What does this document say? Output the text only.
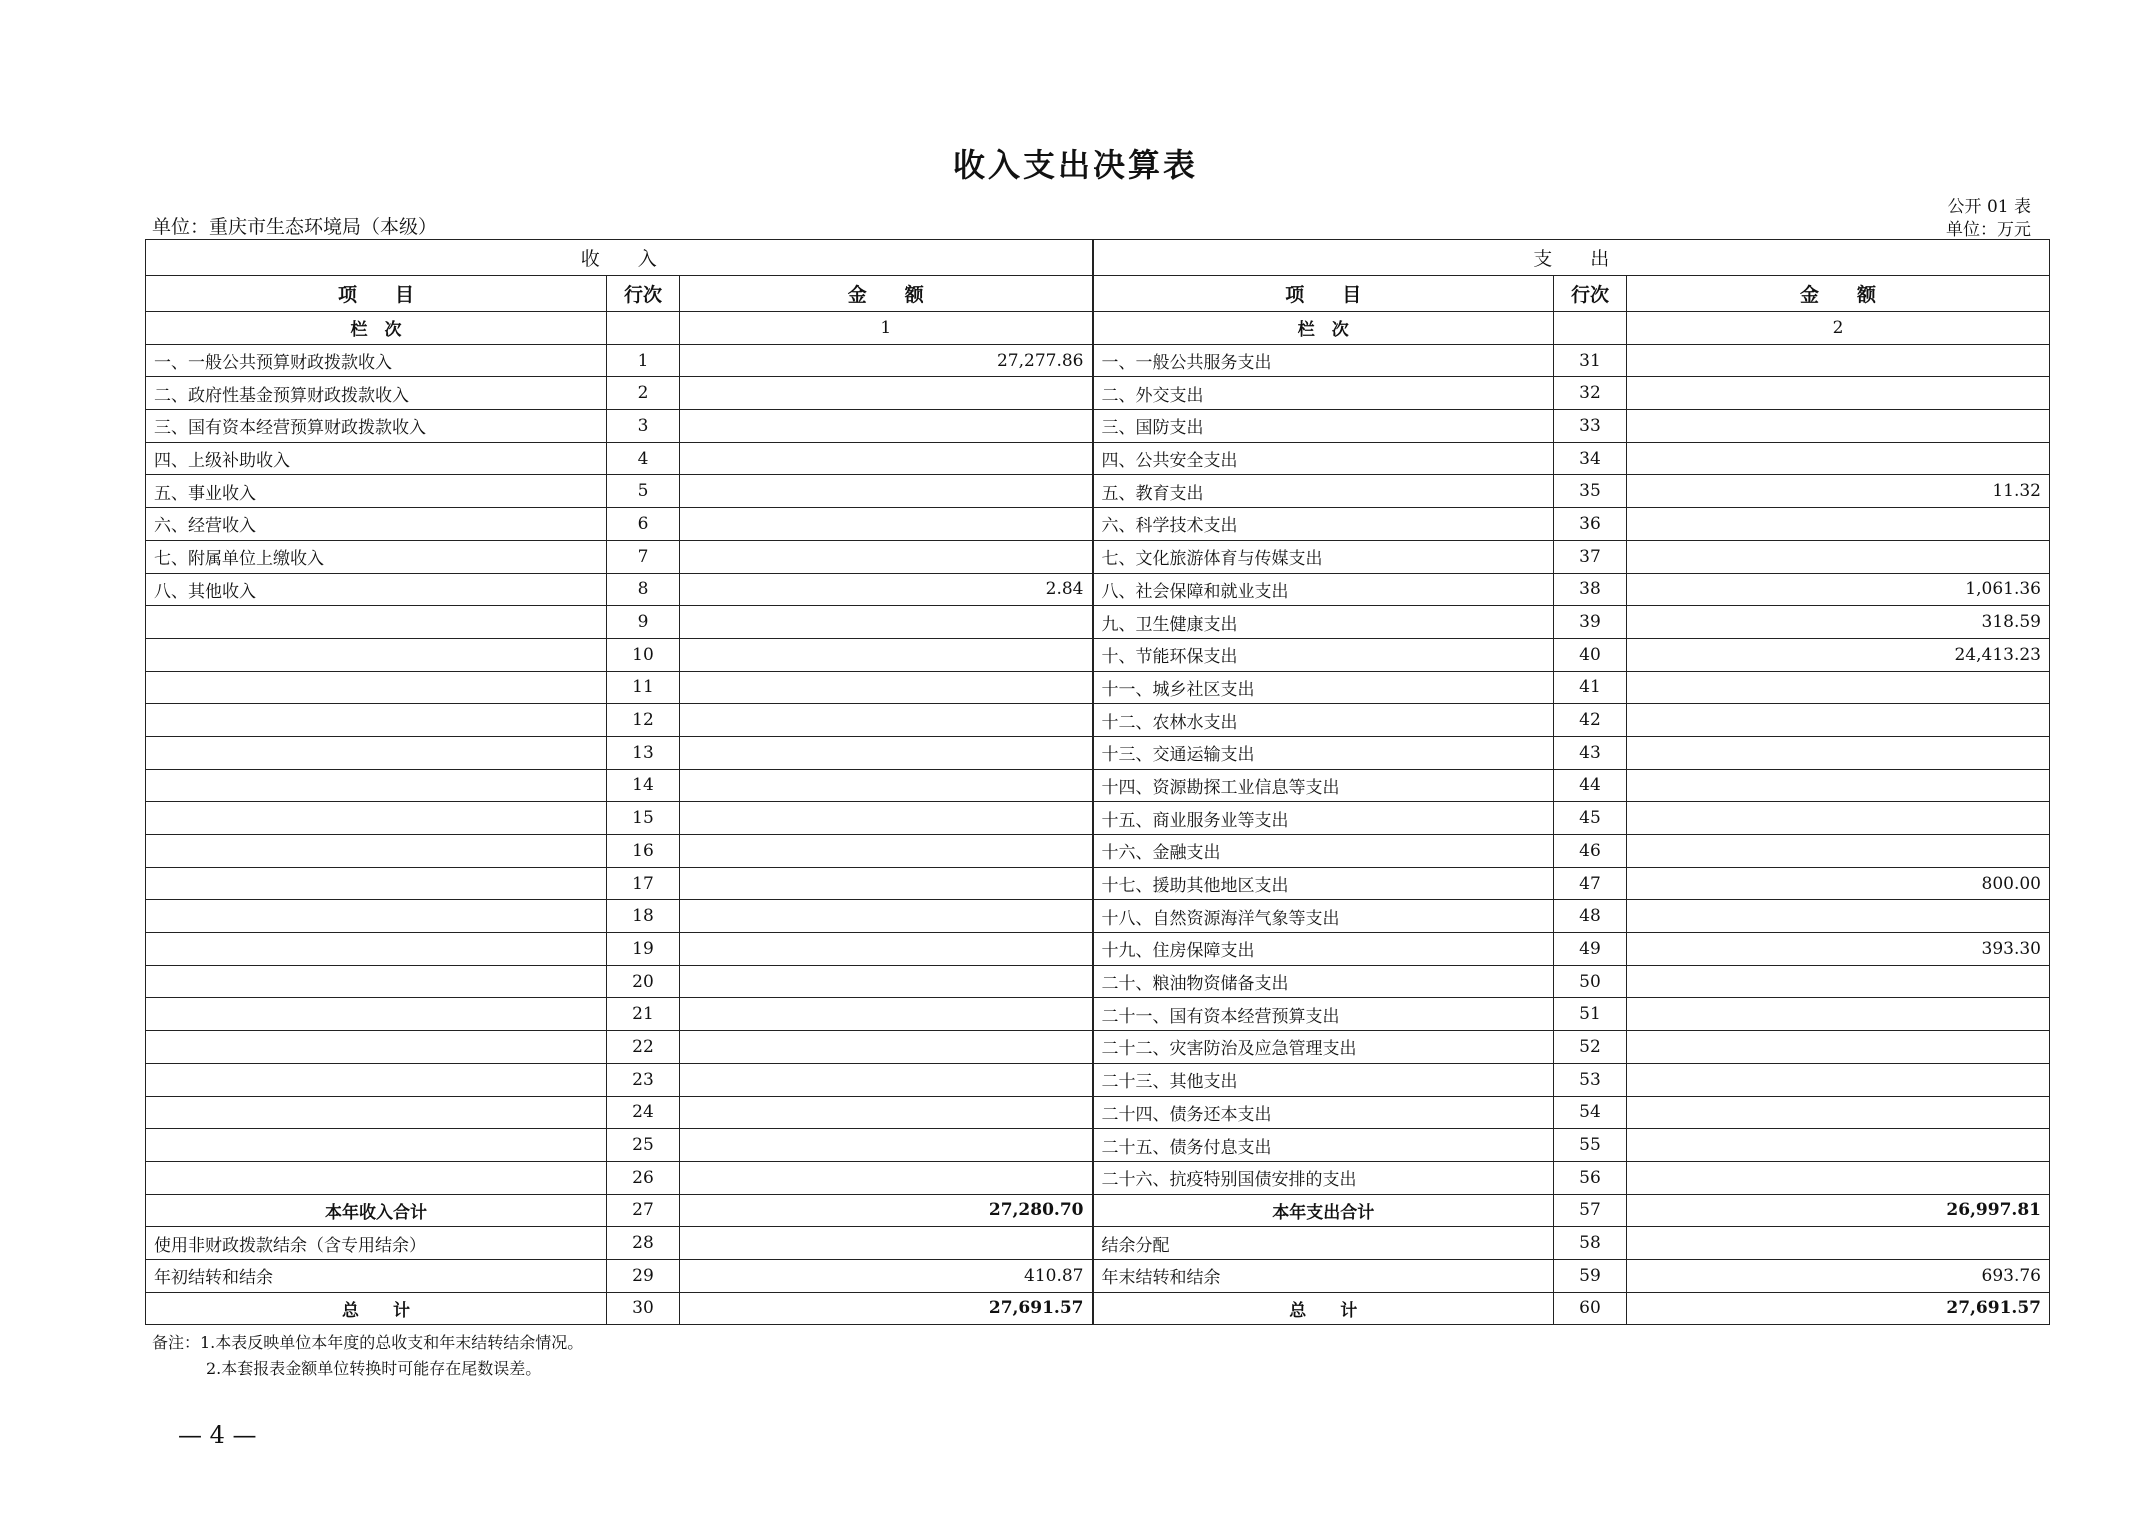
收入支出决算表
公开 01 表
单位：重庆市生态环境局（本级）	单位：万元
收　　入			支　　出		
项　　目	行次	金　　额	项　　目	行次	金　　额
栏　次		1	栏　次		2
一、一般公共预算财政拨款收入	1	27,277.86	一、一般公共服务支出	31	
二、政府性基金预算财政拨款收入	2		二、外交支出	32	
三、国有资本经营预算财政拨款收入	3		三、国防支出	33	
四、上级补助收入	4		四、公共安全支出	34	
五、事业收入	5		五、教育支出	35	11.32
六、经营收入	6		六、科学技术支出	36	
七、附属单位上缴收入	7		七、文化旅游体育与传媒支出	37	
八、其他收入	8	2.84	八、社会保障和就业支出	38	1,061.36
	9		九、卫生健康支出	39	318.59
	10		十、节能环保支出	40	24,413.23
	11		十一、城乡社区支出	41	
	12		十二、农林水支出	42	
	13		十三、交通运输支出	43	
	14		十四、资源勘探工业信息等支出	44	
	15		十五、商业服务业等支出	45	
	16		十六、金融支出	46	
	17		十七、援助其他地区支出	47	800.00
	18		十八、自然资源海洋气象等支出	48	
	19		十九、住房保障支出	49	393.30
	20		二十、粮油物资储备支出	50	
	21		二十一、国有资本经营预算支出	51	
	22		二十二、灾害防治及应急管理支出	52	
	23		二十三、其他支出	53	
	24		二十四、债务还本支出	54	
	25		二十五、债务付息支出	55	
	26		二十六、抗疫特别国债安排的支出	56	
本年收入合计	27	27,280.70	本年支出合计	57	26,997.81
使用非财政拨款结余（含专用结余）	28		结余分配	58	
年初结转和结余	29	410.87	年末结转和结余	59	693.76
总　　计	30	27,691.57	总　　计	60	27,691.57
备注：1.本表反映单位本年度的总收支和年末结转结余情况。
2.本套报表金额单位转换时可能存在尾数误差。
— 4 —
